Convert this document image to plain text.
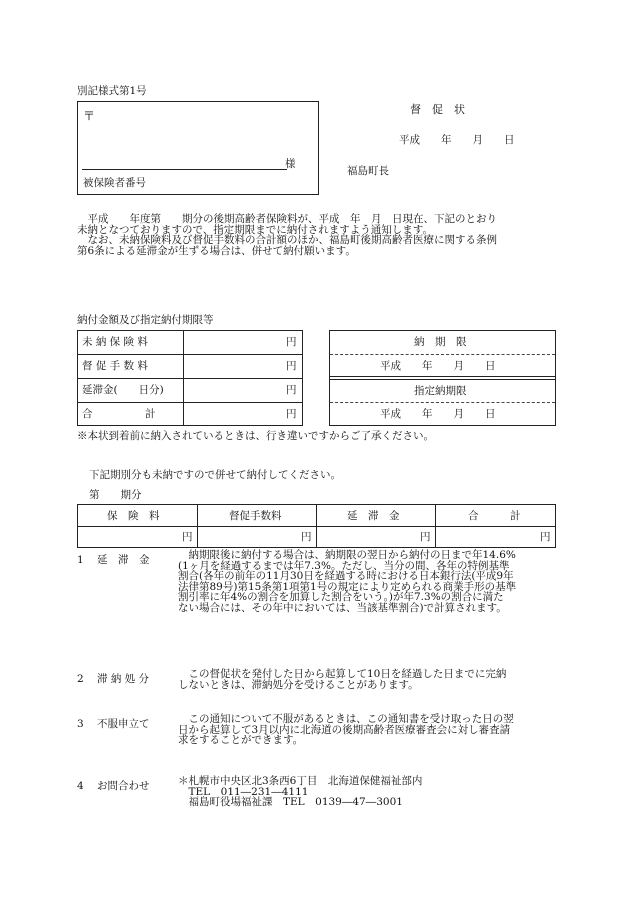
別記様式第1号
〒
様
被保険者番号
督　促　状
平成　　年　　月　　日
福島町長
　平成　　年度第　　期分の後期高齢者保険料が、平成　年　月　日現在、下記のとおり
未納となつておりますので、指定期限までに納付されますよう通知します。
　なお、未納保険料及び督促手数料の合計額のほか、福島町後期高齢者医療に関する条例
第6条による延滞金が生ずる場合は、併せて納付願います。
納付金額及び指定納付期限等
未 納 保 険 料	円
督 促 手 数 料	円
延滞金(　　日分)	円
合　　　　　計	円
納　期　限
平成　　年　　月　　日
指定納期限
平成　　年　　月　　日
※本状到着前に納入されているときは、行き違いですからご了承ください。
下記期別分も未納ですので併せて納付してください。
第　　期分
保　険　料	督促手数料	延　滞　金	合　　　計
円	円	円	円
1 延　滞　金	　納期限後に納付する場合は、納期限の翌日から納付の日まで年14.6%
(1ヶ月を経過するまでは年7.3%。ただし、当分の間、各年の特例基準
割合(各年の前年の11月30日を経過する時における日本銀行法(平成9年
法律第89号)第15条第1項第1号の規定により定められる商業手形の基準
割引率に年4%の割合を加算した割合をいう。)が年7.3%の割合に満た
ない場合には、その年中においては、当該基準割合)で計算されます。
2 滞 納 処 分	　この督促状を発付した日から起算して10日を経過した日までに完納
しないときは、滞納処分を受けることがあります。
3 不服申立て	　この通知について不服があるときは、この通知書を受け取った日の翌
日から起算して3月以内に北海道の後期高齢者医療審査会に対し審査請
求をすることができます。
4 お問合わせ	＊札幌市中央区北3条西6丁目　北海道保健福祉部内
　TEL　011―231―4111
　福島町役場福祉課　TEL　0139―47―3001
